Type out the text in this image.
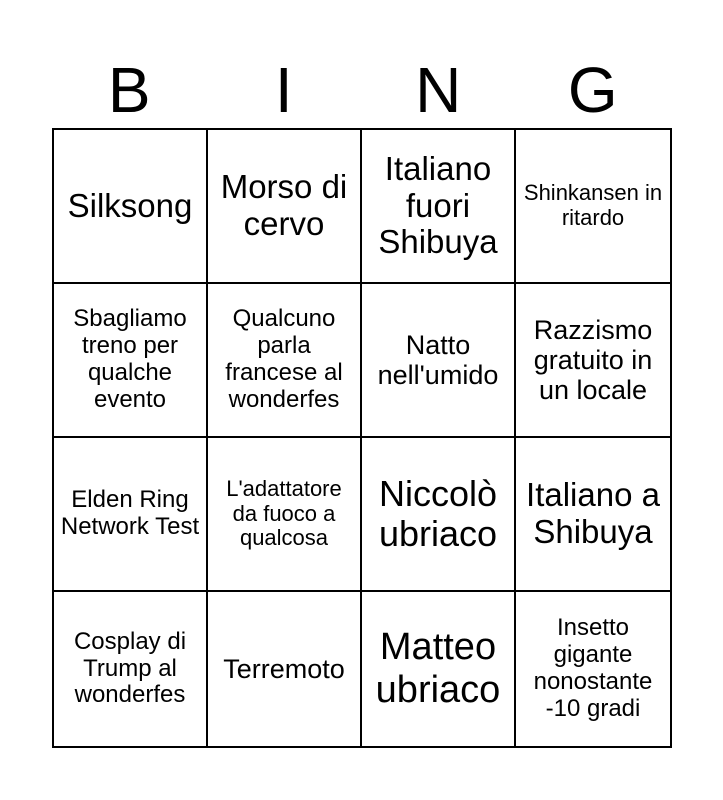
B	I	N	G
Silksong Morso di cervo
Italiano fuori Shibuya
Shinkansen in ritardo
Sbagliamo treno per qualche evento
Qualcuno parla francese al wonderfes
Natto nell'umido
Razzismo gratuito in un locale
Elden Ring Network Test
L'adattatore da fuoco a qualcosa
Niccolò ubriaco
Italiano a Shibuya
Cosplay di Trump al wonderfes
Terremoto
Matteo ubriaco
Insetto gigante nonostante -10 gradi
